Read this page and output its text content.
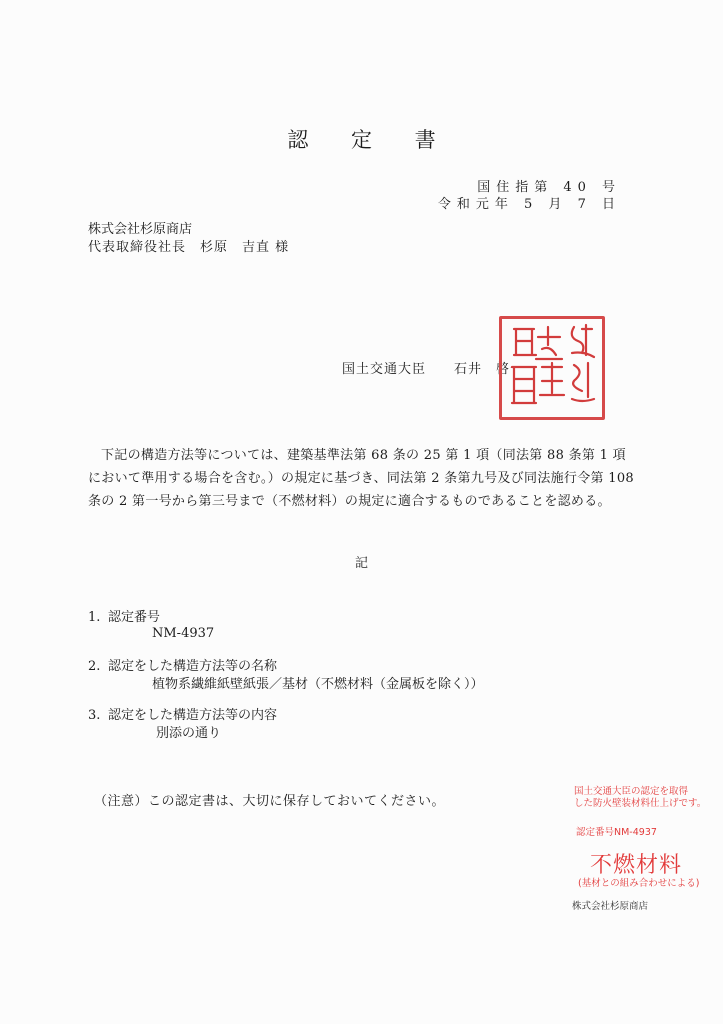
認 定 書
国住指第 40 号
令和元年 5 月 7 日
株式会社杉原商店
代表取締役社長　杉原　吉直 様
国土交通大臣 石井　啓一

下記の構造方法等については、建築基準法第 68 条の 25 第 1 項（同法第 88 条第 1 項において準用する場合を含む。）の規定に基づき、同法第 2 条第九号及び同法施行令第 108 条の 2 第一号から第三号まで（不燃材料）の規定に適合するものであることを認める。

記
1. 認定番号
NM-4937
2. 認定をした構造方法等の名称
植物系繊維紙壁紙張／基材（不燃材料（金属板を除く））
3. 認定をした構造方法等の内容
別添の通り
（注意）この認定書は、大切に保存しておいてください。
国土交通大臣の認定を取得
した防火壁装材料仕上げです。
認定番号NM-4937
不燃材料
(基材との組み合わせによる)
株式会社杉原商店
